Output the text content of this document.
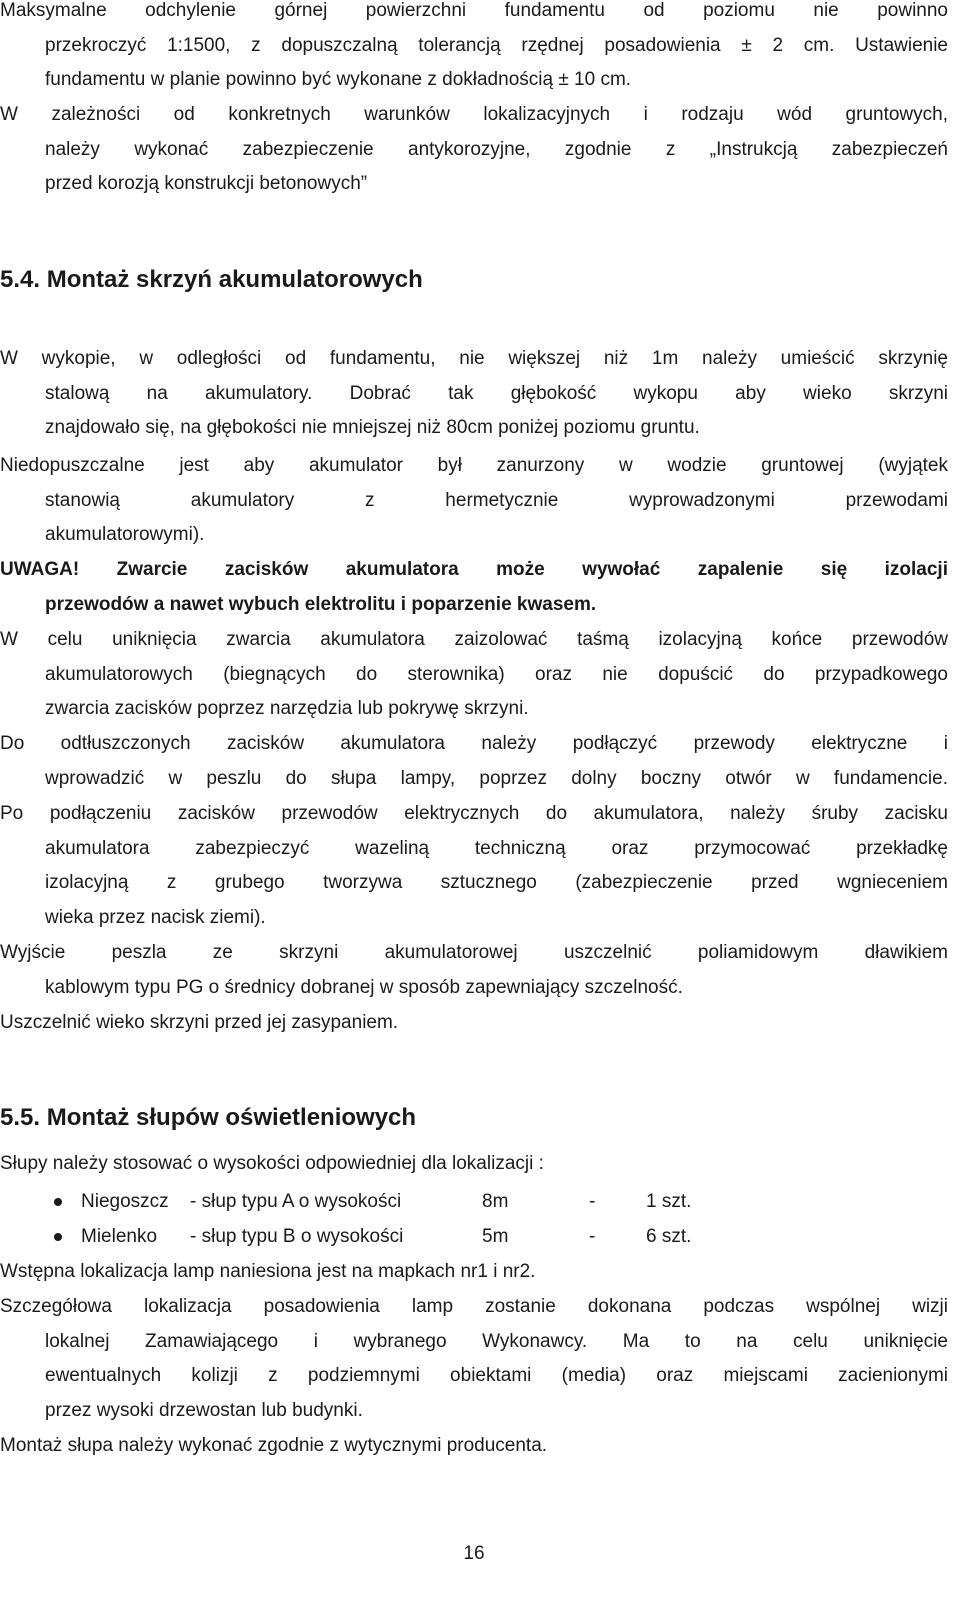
Maksymalne odchylenie górnej powierzchni fundamentu od poziomu nie powinno
przekroczyć 1:1500, z dopuszczalną tolerancją rzędnej posadowienia ± 2 cm. Ustawienie
fundamentu w planie powinno być wykonane z dokładnością ± 10 cm.
W zależności od konkretnych warunków lokalizacyjnych i rodzaju wód gruntowych,
należy wykonać zabezpieczenie antykorozyjne, zgodnie z „Instrukcją zabezpieczeń
przed korozją konstrukcji betonowych”
5.4. Montaż skrzyń akumulatorowych
W wykopie, w odległości od fundamentu, nie większej niż 1m należy umieścić skrzynię
stalową na akumulatory. Dobrać tak głębokość wykopu aby wieko skrzyni
znajdowało się, na głębokości nie mniejszej niż 80cm poniżej poziomu gruntu.
Niedopuszczalne jest aby akumulator był zanurzony w wodzie gruntowej (wyjątek
stanowią akumulatory z hermetycznie wyprowadzonymi przewodami
akumulatorowymi).
UWAGA! Zwarcie zacisków akumulatora może wywołać zapalenie się izolacji
przewodów a nawet wybuch elektrolitu i poparzenie kwasem.
W celu uniknięcia zwarcia akumulatora zaizolować taśmą izolacyjną końce przewodów
akumulatorowych (biegnących do sterownika) oraz nie dopuścić do przypadkowego
zwarcia zacisków poprzez narzędzia lub pokrywę skrzyni.
Do odtłuszczonych zacisków akumulatora należy podłączyć przewody elektryczne i
wprowadzić w peszlu do słupa lampy, poprzez dolny boczny otwór w fundamencie.
Po podłączeniu zacisków przewodów elektrycznych do akumulatora, należy śruby zacisku
akumulatora zabezpieczyć wazeliną techniczną oraz przymocować przekładkę
izolacyjną z grubego tworzywa sztucznego (zabezpieczenie przed wgnieceniem
wieka przez nacisk ziemi).
Wyjście peszla ze skrzyni akumulatorowej uszczelnić poliamidowym dławikiem
kablowym typu PG o średnicy dobranej w sposób zapewniający szczelność.
Uszczelnić wieko skrzyni przed jej zasypaniem.
5.5. Montaż słupów oświetleniowych
Słupy należy stosować o wysokości odpowiedniej dla lokalizacji :
Niegoszcz - słup typu A o wysokości	8m	-	1 szt.
Mielenko - słup typu B o wysokości	5m	-	6 szt.
Wstępna lokalizacja lamp naniesiona jest na mapkach nr1 i nr2.
Szczegółowa lokalizacja posadowienia lamp zostanie dokonana podczas wspólnej wizji
lokalnej Zamawiającego i wybranego Wykonawcy. Ma to na celu uniknięcie
ewentualnych kolizji z podziemnymi obiektami (media) oraz miejscami zacienionymi
przez wysoki drzewostan lub budynki.
Montaż słupa należy wykonać zgodnie z wytycznymi producenta.
16
